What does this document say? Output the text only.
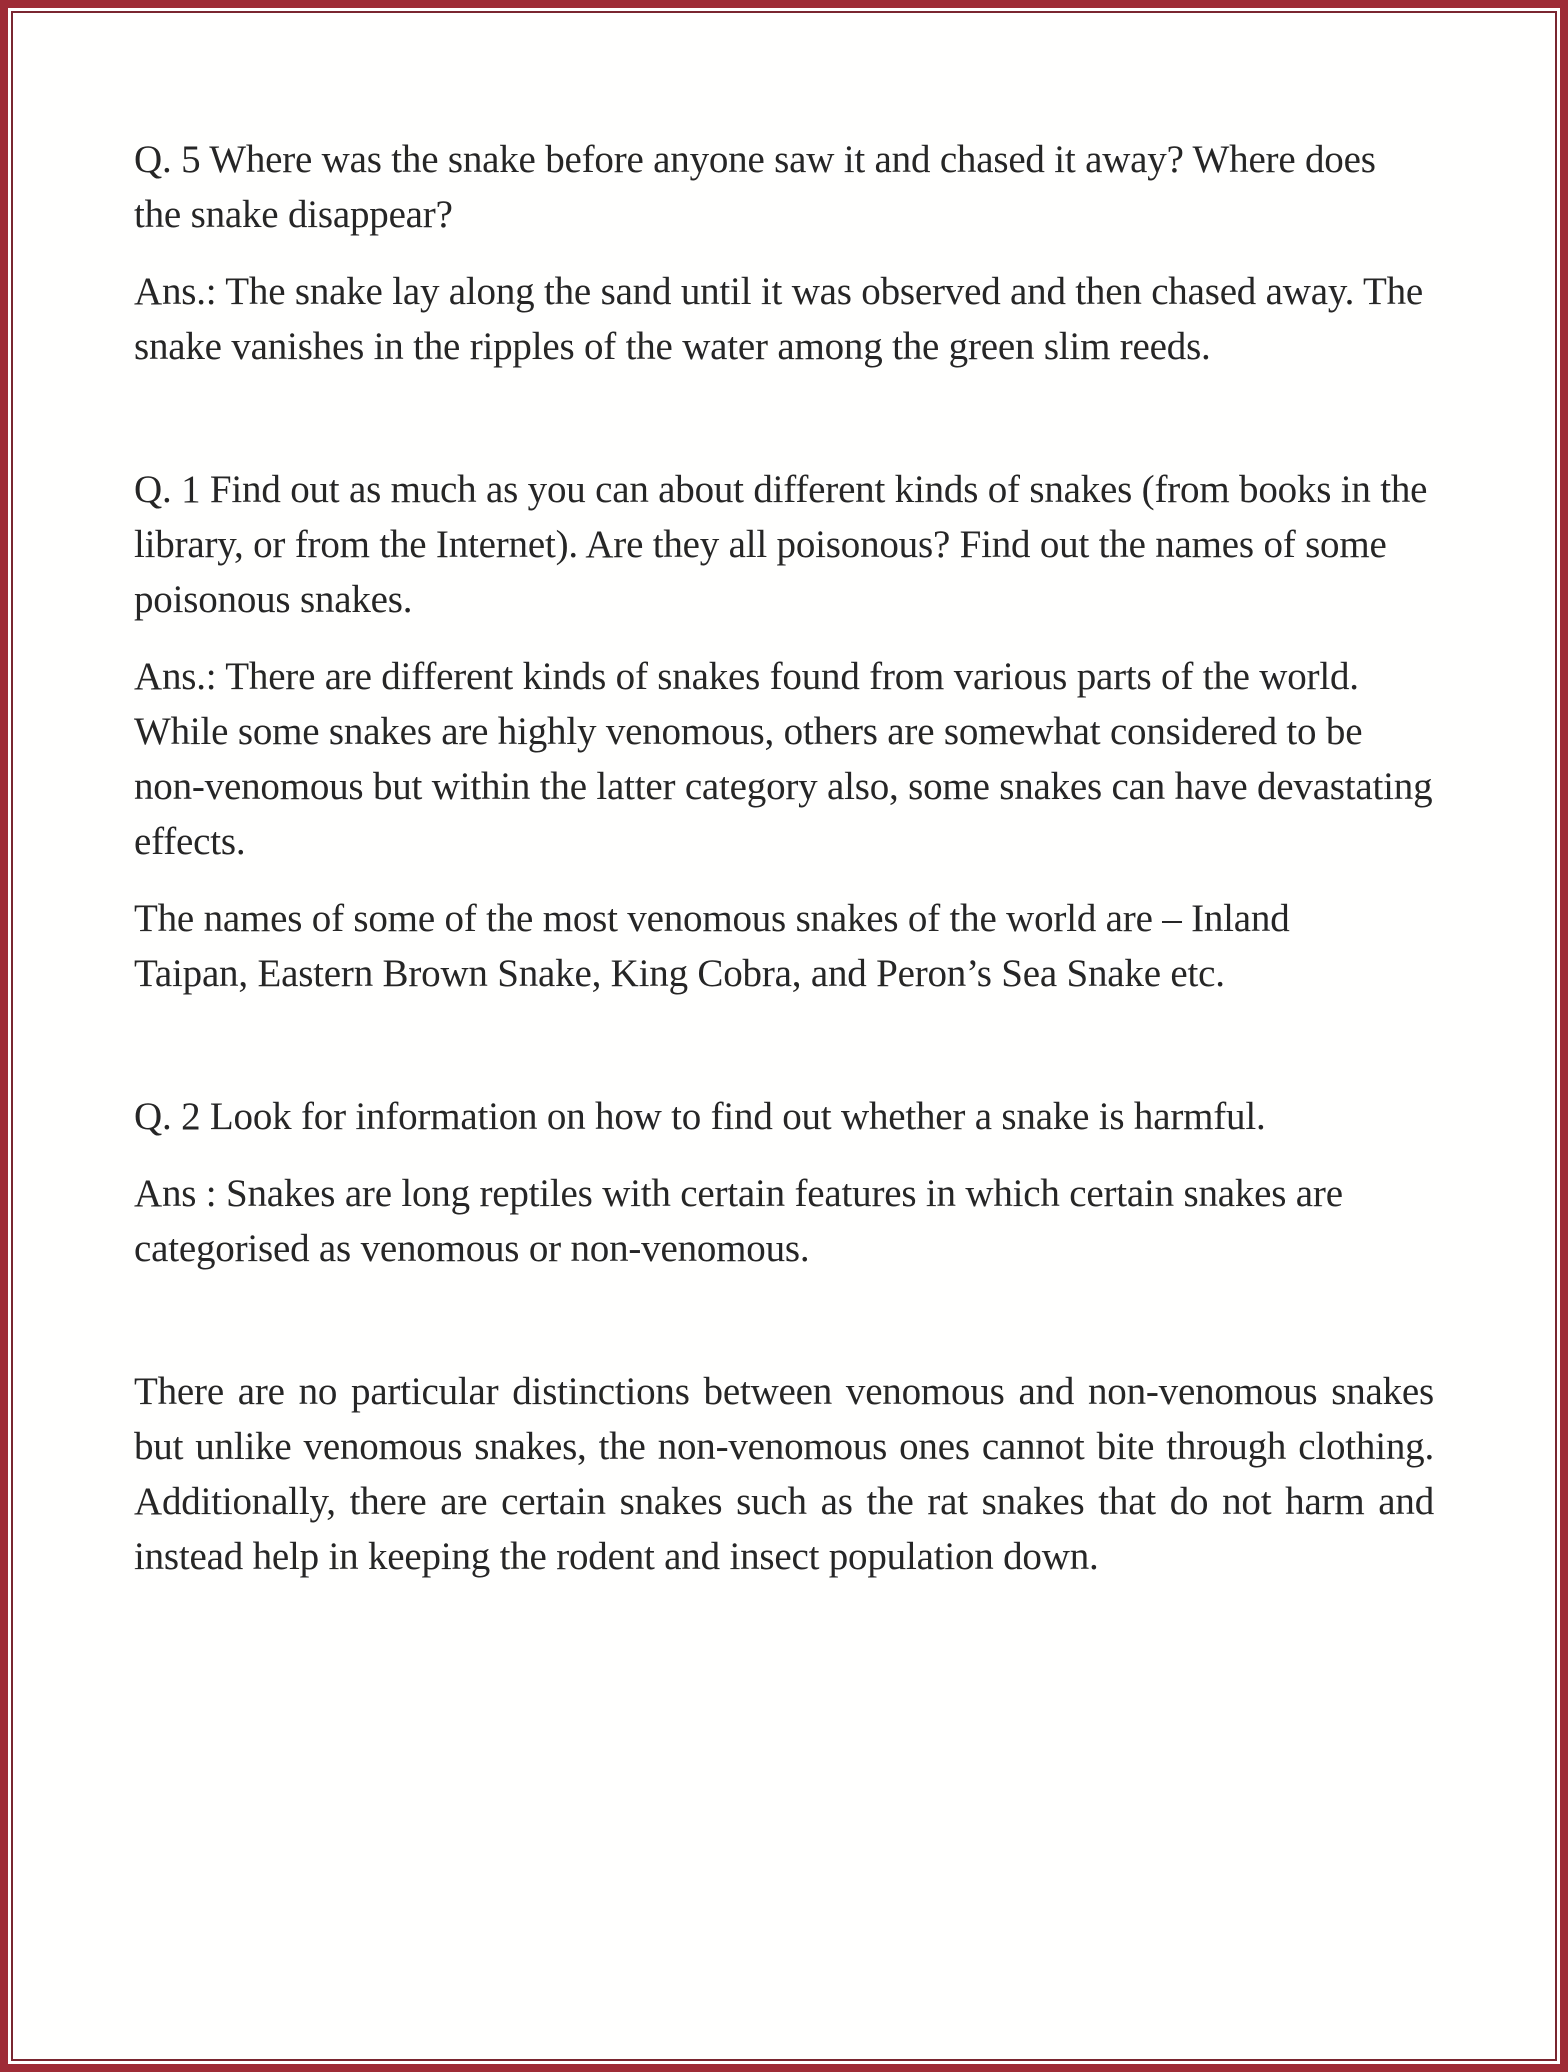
Q. 5 Where was the snake before anyone saw it and chased it away? Where does the snake disappear?

Ans.: The snake lay along the sand until it was observed and then chased away. The snake vanishes in the ripples of the water among the green slim reeds.

Q. 1 Find out as much as you can about different kinds of snakes (from books in the library, or from the Internet). Are they all poisonous? Find out the names of some poisonous snakes.

Ans.: There are different kinds of snakes found from various parts of the world. While some snakes are highly venomous, others are somewhat considered to be non-venomous but within the latter category also, some snakes can have devastating effects.

The names of some of the most venomous snakes of the world are – Inland Taipan, Eastern Brown Snake, King Cobra, and Peron’s Sea Snake etc.

Q. 2 Look for information on how to find out whether a snake is harmful.

Ans : Snakes are long reptiles with certain features in which certain snakes are categorised as venomous or non-venomous.

There are no particular distinctions between venomous and non-venomous snakes but unlike venomous snakes, the non-venomous ones cannot bite through clothing. Additionally, there are certain snakes such as the rat snakes that do not harm and instead help in keeping the rodent and insect population down.
